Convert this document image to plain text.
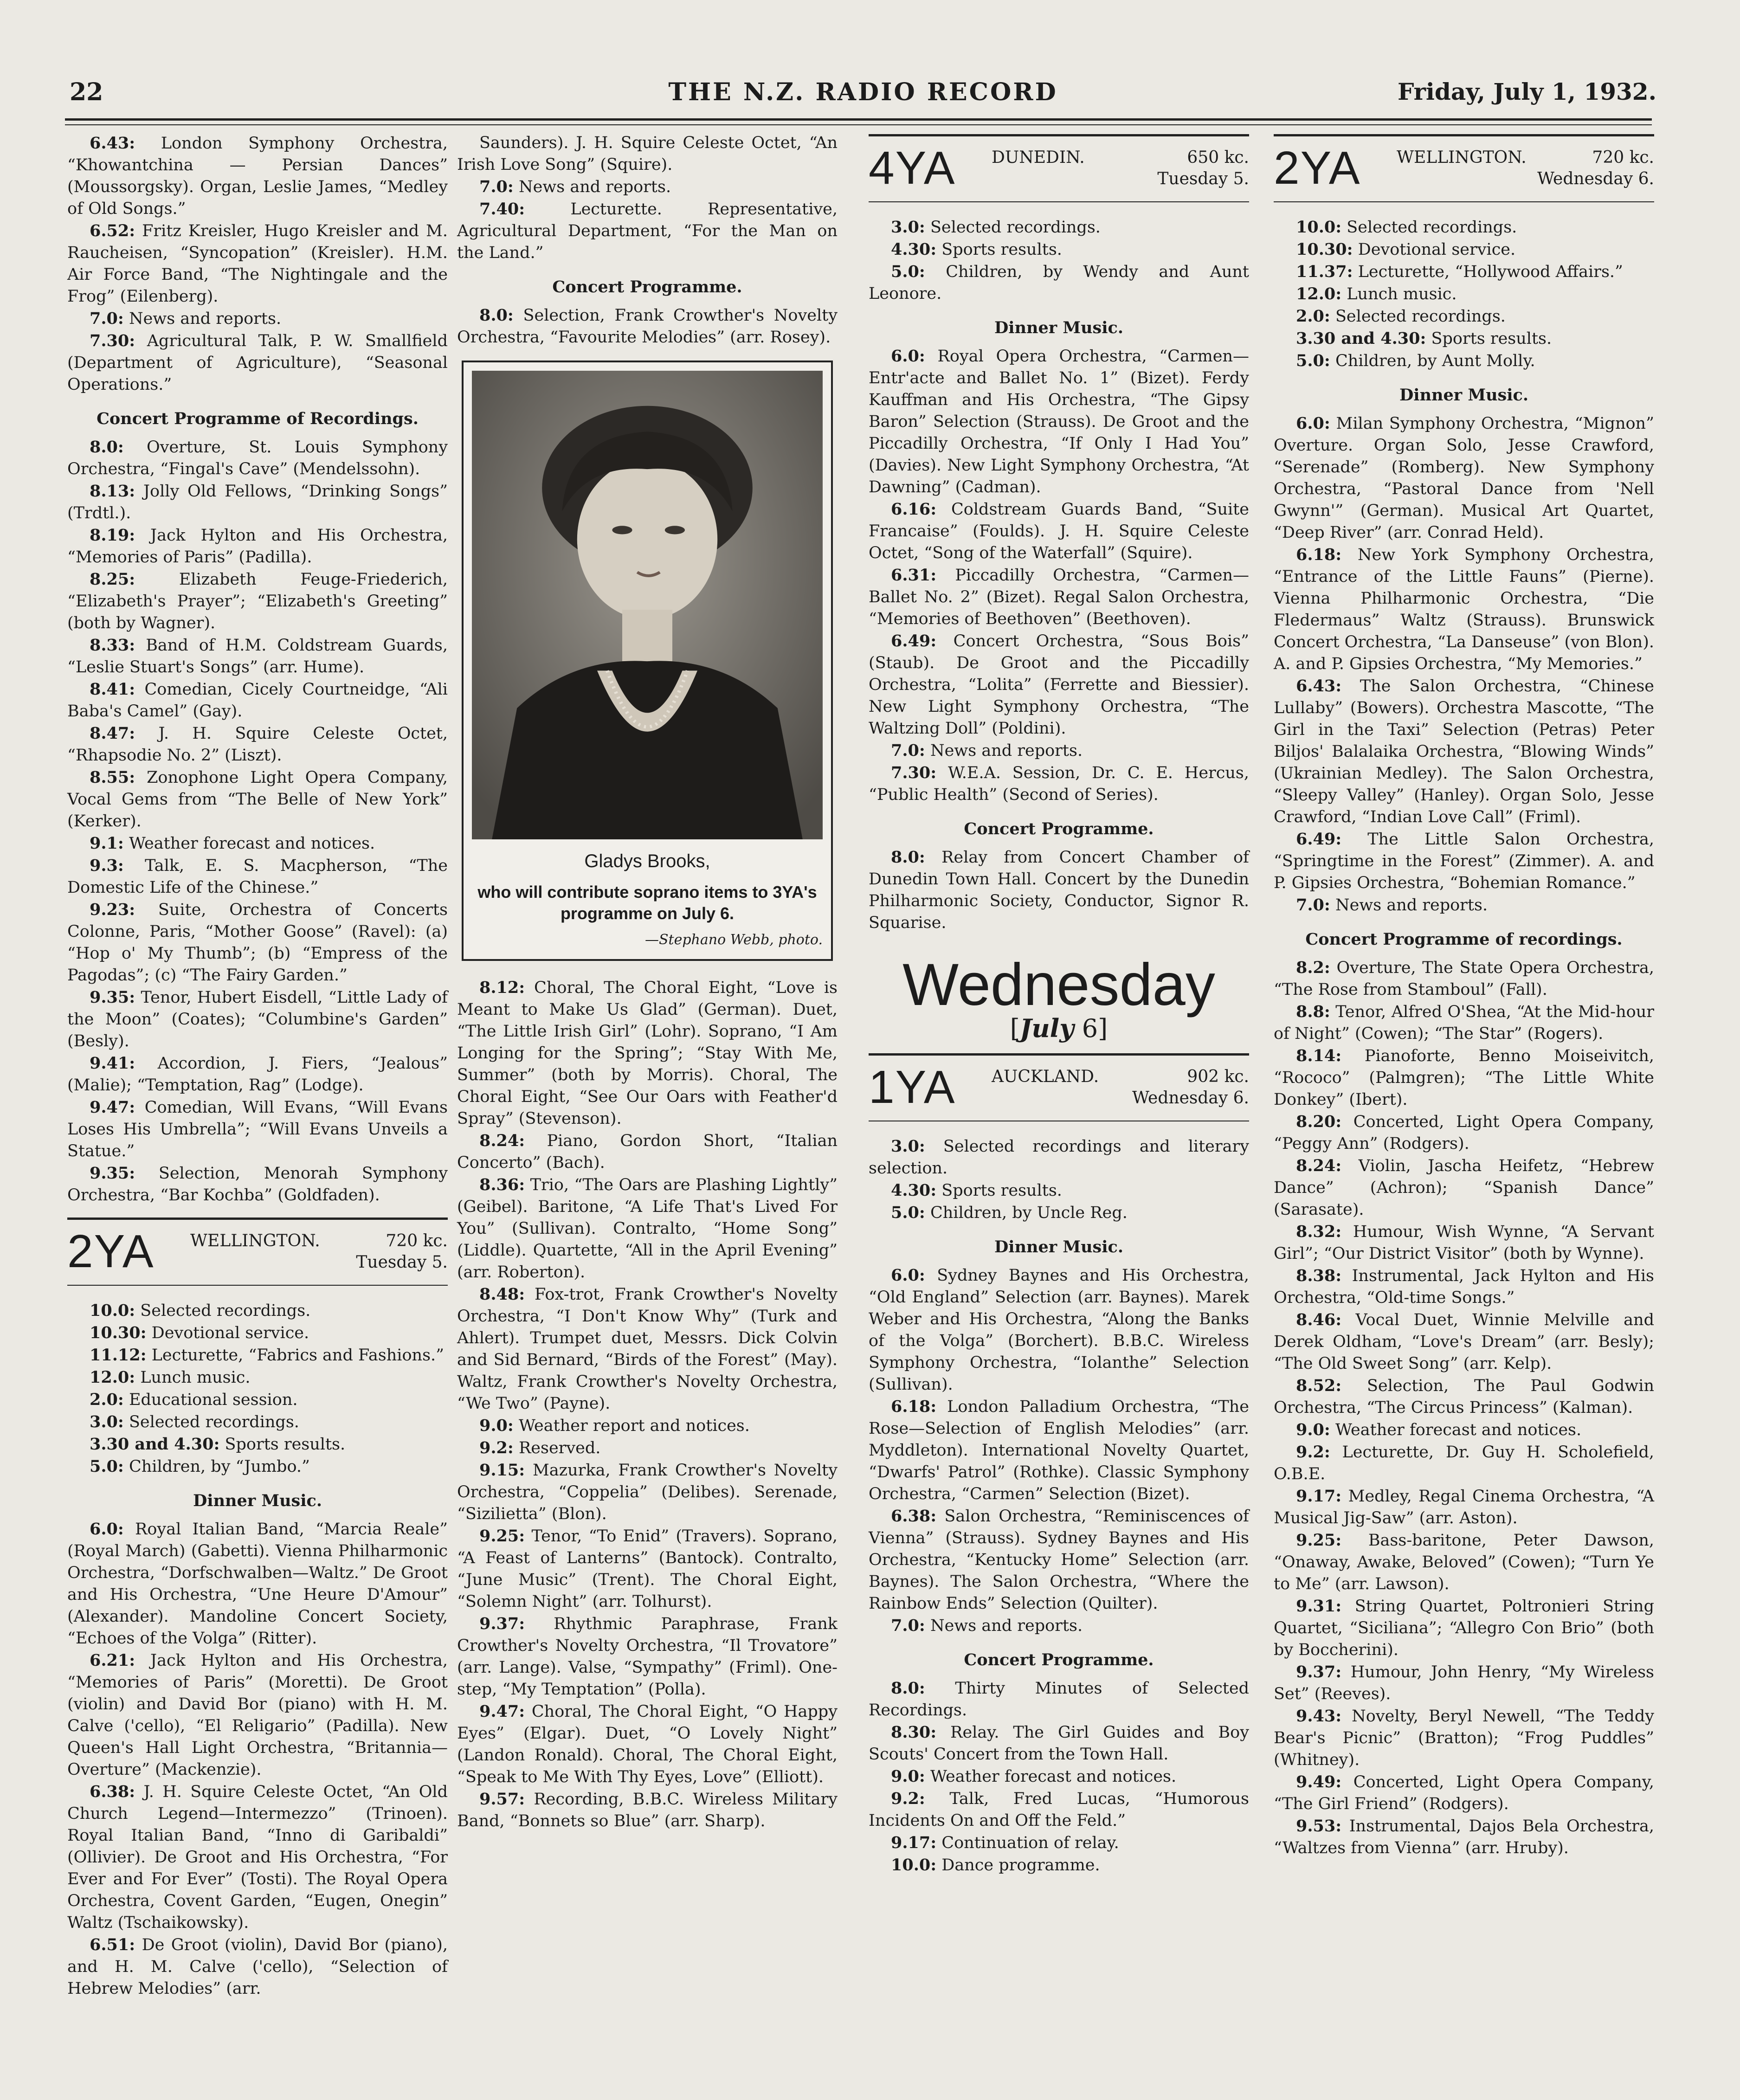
22	THE N.Z. RADIO RECORD	Friday, July 1, 1932.

6.43: London Symphony Orchestra, “Khowantchina — Persian Dances” (Moussorgsky). Organ, Leslie James, “Medley of Old Songs.”

6.52: Fritz Kreisler, Hugo Kreisler and M. Raucheisen, “Syncopation” (Kreisler). H.M. Air Force Band, “The Nightingale and the Frog” (Eilenberg).

7.0: News and reports.

7.30: Agricultural Talk, P. W. Smallfield (Department of Agriculture), “Seasonal Operations.”

Concert Programme of Recordings.

8.0: Overture, St. Louis Symphony Orchestra, “Fingal's Cave” (Mendelssohn).

8.13: Jolly Old Fellows, “Drinking Songs” (Trdtl.).

8.19: Jack Hylton and His Orchestra, “Memories of Paris” (Padilla).

8.25: Elizabeth Feuge-Friederich, “Elizabeth's Prayer”; “Elizabeth's Greeting” (both by Wagner).

8.33: Band of H.M. Coldstream Guards, “Leslie Stuart's Songs” (arr. Hume).

8.41: Comedian, Cicely Courtneidge, “Ali Baba's Camel” (Gay).

8.47: J. H. Squire Celeste Octet, “Rhapsodie No. 2” (Liszt).

8.55: Zonophone Light Opera Company, Vocal Gems from “The Belle of New York” (Kerker).

9.1: Weather forecast and notices.

9.3: Talk, E. S. Macpherson, “The Domestic Life of the Chinese.”

9.23: Suite, Orchestra of Concerts Colonne, Paris, “Mother Goose” (Ravel): (a) “Hop o' My Thumb”; (b) “Empress of the Pagodas”; (c) “The Fairy Garden.”

9.35: Tenor, Hubert Eisdell, “Little Lady of the Moon” (Coates); “Columbine's Garden” (Besly).

9.41: Accordion, J. Fiers, “Jealous” (Malie); “Temptation, Rag” (Lodge).

9.47: Comedian, Will Evans, “Will Evans Loses His Umbrella”; “Will Evans Unveils a Statue.”

9.35: Selection, Menorah Symphony Orchestra, “Bar Kochba” (Goldfaden).

2YA WELLINGTON.	720 kc.
Tuesday 5.

10.0: Selected recordings.

10.30: Devotional service.

11.12: Lecturette, “Fabrics and Fashions.”

12.0: Lunch music.

2.0: Educational session.

3.0: Selected recordings.

3.30 and 4.30: Sports results.

5.0: Children, by “Jumbo.”

Dinner Music.

6.0: Royal Italian Band, “Marcia Reale” (Royal March) (Gabetti). Vienna Philharmonic Orchestra, “Dorfschwalben—Waltz.” De Groot and His Orchestra, “Une Heure D'Amour” (Alexander). Mandoline Concert Society, “Echoes of the Volga” (Ritter).

6.21: Jack Hylton and His Orchestra, “Memories of Paris” (Moretti). De Groot (violin) and David Bor (piano) with H. M. Calve ('cello), “El Religario” (Padilla). New Queen's Hall Light Orchestra, “Britannia—Overture” (Mackenzie).

6.38: J. H. Squire Celeste Octet, “An Old Church Legend—Intermezzo” (Trinoen). Royal Italian Band, “Inno di Garibaldi” (Ollivier). De Groot and His Orchestra, “For Ever and For Ever” (Tosti). The Royal Opera Orchestra, Covent Garden, “Eugen, Onegin” Waltz (Tschaikowsky).

6.51: De Groot (violin), David Bor (piano), and H. M. Calve ('cello), “Selection of Hebrew Melodies” (arr.

Saunders). J. H. Squire Celeste Octet, “An Irish Love Song” (Squire).

7.0: News and reports.

7.40: Lecturette. Representative, Agricultural Department, “For the Man on the Land.”

Concert Programme.

8.0: Selection, Frank Crowther's Novelty Orchestra, “Favourite Melodies” (arr. Rosey).

Gladys Brooks,
who will contribute soprano items to 3YA's programme on July 6.
—Stephano Webb, photo.

8.12: Choral, The Choral Eight, “Love is Meant to Make Us Glad” (German). Duet, “The Little Irish Girl” (Lohr). Soprano, “I Am Longing for the Spring”; “Stay With Me, Summer” (both by Morris). Choral, The Choral Eight, “See Our Oars with Feather'd Spray” (Stevenson).

8.24: Piano, Gordon Short, “Italian Concerto” (Bach).

8.36: Trio, “The Oars are Plashing Lightly” (Geibel). Baritone, “A Life That's Lived For You” (Sullivan). Contralto, “Home Song” (Liddle). Quartette, “All in the April Evening” (arr. Roberton).

8.48: Fox-trot, Frank Crowther's Novelty Orchestra, “I Don't Know Why” (Turk and Ahlert). Trumpet duet, Messrs. Dick Colvin and Sid Bernard, “Birds of the Forest” (May). Waltz, Frank Crowther's Novelty Orchestra, “We Two” (Payne).

9.0: Weather report and notices.

9.2: Reserved.

9.15: Mazurka, Frank Crowther's Novelty Orchestra, “Coppelia” (Delibes). Serenade, “Sizilietta” (Blon).

9.25: Tenor, “To Enid” (Travers). Soprano, “A Feast of Lanterns” (Bantock). Contralto, “June Music” (Trent). The Choral Eight, “Solemn Night” (arr. Tolhurst).

9.37: Rhythmic Paraphrase, Frank Crowther's Novelty Orchestra, “Il Trovatore” (arr. Lange). Valse, “Sympathy” (Friml). One-step, “My Temptation” (Polla).

9.47: Choral, The Choral Eight, “O Happy Eyes” (Elgar). Duet, “O Lovely Night” (Landon Ronald). Choral, The Choral Eight, “Speak to Me With Thy Eyes, Love” (Elliott).

9.57: Recording, B.B.C. Wireless Military Band, “Bonnets so Blue” (arr. Sharp).

4YA DUNEDIN.	650 kc.
Tuesday 5.

3.0: Selected recordings.

4.30: Sports results.

5.0: Children, by Wendy and Aunt Leonore.

Dinner Music.

6.0: Royal Opera Orchestra, “Carmen—Entr'acte and Ballet No. 1” (Bizet). Ferdy Kauffman and His Orchestra, “The Gipsy Baron” Selection (Strauss). De Groot and the Piccadilly Orchestra, “If Only I Had You” (Davies). New Light Symphony Orchestra, “At Dawning” (Cadman).

6.16: Coldstream Guards Band, “Suite Francaise” (Foulds). J. H. Squire Celeste Octet, “Song of the Waterfall” (Squire).

6.31: Piccadilly Orchestra, “Carmen—Ballet No. 2” (Bizet). Regal Salon Orchestra, “Memories of Beethoven” (Beethoven).

6.49: Concert Orchestra, “Sous Bois” (Staub). De Groot and the Piccadilly Orchestra, “Lolita” (Ferrette and Biessier). New Light Symphony Orchestra, “The Waltzing Doll” (Poldini).

7.0: News and reports.

7.30: W.E.A. Session, Dr. C. E. Hercus, “Public Health” (Second of Series).

Concert Programme.

8.0: Relay from Concert Chamber of Dunedin Town Hall. Concert by the Dunedin Philharmonic Society, Conductor, Signor R. Squarise.

Wednesday
[July 6]
1YA AUCKLAND.	902 kc.
Wednesday 6.

3.0: Selected recordings and literary selection.

4.30: Sports results.

5.0: Children, by Uncle Reg.

Dinner Music.

6.0: Sydney Baynes and His Orchestra, “Old England” Selection (arr. Baynes). Marek Weber and His Orchestra, “Along the Banks of the Volga” (Borchert). B.B.C. Wireless Symphony Orchestra, “Iolanthe” Selection (Sullivan).

6.18: London Palladium Orchestra, “The Rose—Selection of English Melodies” (arr. Myddleton). International Novelty Quartet, “Dwarfs' Patrol” (Rothke). Classic Symphony Orchestra, “Carmen” Selection (Bizet).

6.38: Salon Orchestra, “Reminiscences of Vienna” (Strauss). Sydney Baynes and His Orchestra, “Kentucky Home” Selection (arr. Baynes). The Salon Orchestra, “Where the Rainbow Ends” Selection (Quilter).

7.0: News and reports.

Concert Programme.

8.0: Thirty Minutes of Selected Recordings.

8.30: Relay. The Girl Guides and Boy Scouts' Concert from the Town Hall.

9.0: Weather forecast and notices.

9.2: Talk, Fred Lucas, “Humorous Incidents On and Off the Feld.”

9.17: Continuation of relay.

10.0: Dance programme.

2YA WELLINGTON.	720 kc.
Wednesday 6.

10.0: Selected recordings.

10.30: Devotional service.

11.37: Lecturette, “Hollywood Affairs.”

12.0: Lunch music.

2.0: Selected recordings.

3.30 and 4.30: Sports results.

5.0: Children, by Aunt Molly.

Dinner Music.

6.0: Milan Symphony Orchestra, “Mignon” Overture. Organ Solo, Jesse Crawford, “Serenade” (Romberg). New Symphony Orchestra, “Pastoral Dance from 'Nell Gwynn'” (German). Musical Art Quartet, “Deep River” (arr. Conrad Held).

6.18: New York Symphony Orchestra, “Entrance of the Little Fauns” (Pierne). Vienna Philharmonic Orchestra, “Die Fledermaus” Waltz (Strauss). Brunswick Concert Orchestra, “La Danseuse” (von Blon). A. and P. Gipsies Orchestra, “My Memories.”

6.43: The Salon Orchestra, “Chinese Lullaby” (Bowers). Orchestra Mascotte, “The Girl in the Taxi” Selection (Petras) Peter Biljos' Balalaika Orchestra, “Blowing Winds” (Ukrainian Medley). The Salon Orchestra, “Sleepy Valley” (Hanley). Organ Solo, Jesse Crawford, “Indian Love Call” (Friml).

6.49: The Little Salon Orchestra, “Springtime in the Forest” (Zimmer). A. and P. Gipsies Orchestra, “Bohemian Romance.”

7.0: News and reports.

Concert Programme of recordings.

8.2: Overture, The State Opera Orchestra, “The Rose from Stamboul” (Fall).

8.8: Tenor, Alfred O'Shea, “At the Mid-hour of Night” (Cowen); “The Star” (Rogers).

8.14: Pianoforte, Benno Moiseivitch, “Rococo” (Palmgren); “The Little White Donkey” (Ibert).

8.20: Concerted, Light Opera Company, “Peggy Ann” (Rodgers).

8.24: Violin, Jascha Heifetz, “Hebrew Dance” (Achron); “Spanish Dance” (Sarasate).

8.32: Humour, Wish Wynne, “A Servant Girl”; “Our District Visitor” (both by Wynne).

8.38: Instrumental, Jack Hylton and His Orchestra, “Old-time Songs.”

8.46: Vocal Duet, Winnie Melville and Derek Oldham, “Love's Dream” (arr. Besly); “The Old Sweet Song” (arr. Kelp).

8.52: Selection, The Paul Godwin Orchestra, “The Circus Princess” (Kalman).

9.0: Weather forecast and notices.

9.2: Lecturette, Dr. Guy H. Scholefield, O.B.E.

9.17: Medley, Regal Cinema Orchestra, “A Musical Jig-Saw” (arr. Aston).

9.25: Bass-baritone, Peter Dawson, “Onaway, Awake, Beloved” (Cowen); “Turn Ye to Me” (arr. Lawson).

9.31: String Quartet, Poltronieri String Quartet, “Siciliana”; “Allegro Con Brio” (both by Boccherini).

9.37: Humour, John Henry, “My Wireless Set” (Reeves).

9.43: Novelty, Beryl Newell, “The Teddy Bear's Picnic” (Bratton); “Frog Puddles” (Whitney).

9.49: Concerted, Light Opera Company, “The Girl Friend” (Rodgers).

9.53: Instrumental, Dajos Bela Orchestra, “Waltzes from Vienna” (arr. Hruby).
